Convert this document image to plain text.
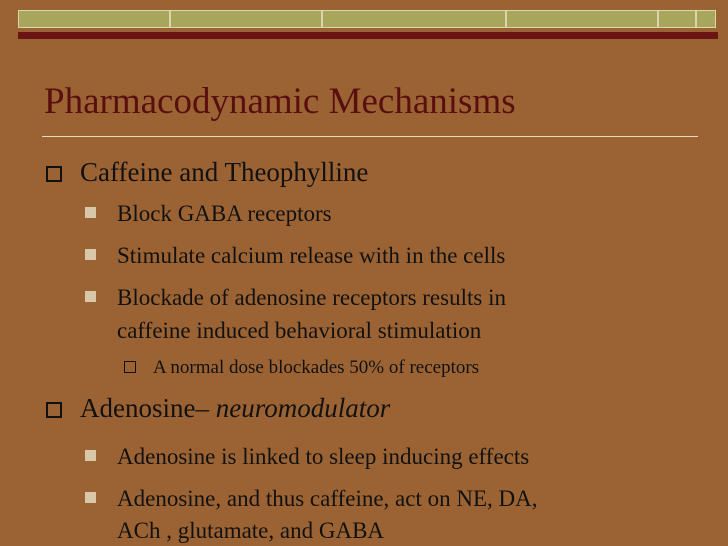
Pharmacodynamic Mechanisms
Caffeine and Theophylline
Block GABA receptors
Stimulate calcium release with in the cells
Blockade of adenosine receptors results in
caffeine induced behavioral stimulation
A normal dose blockades 50% of receptors
Adenosine– neuromodulator
Adenosine is linked to sleep inducing effects
Adenosine, and thus caffeine, act on NE, DA,
ACh , glutamate, and GABA
